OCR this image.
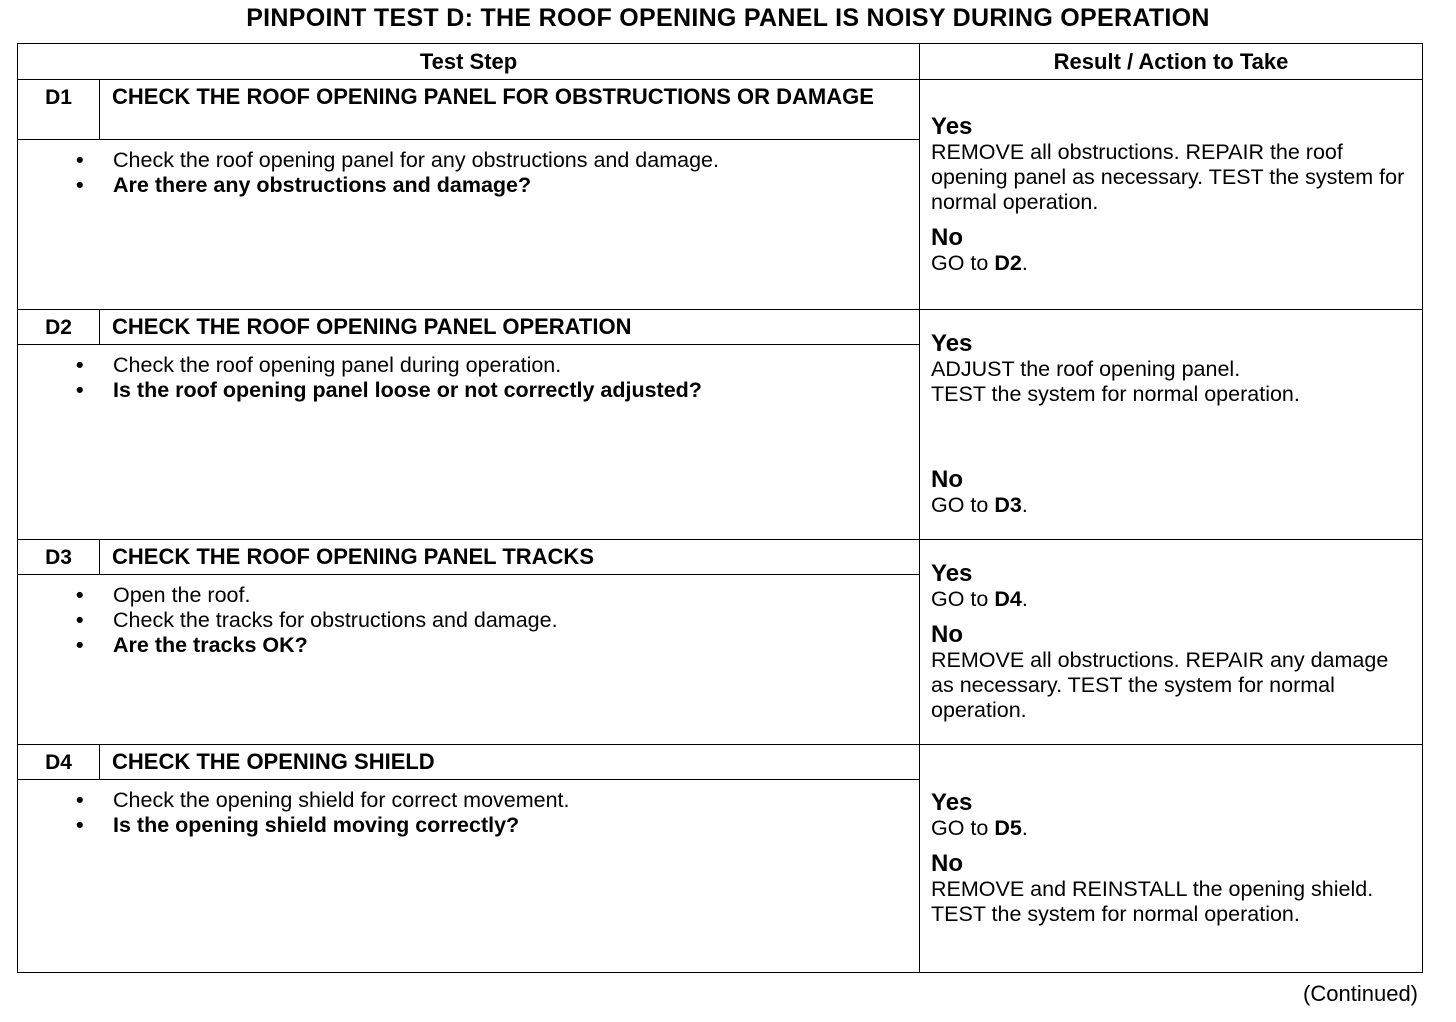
PINPOINT TEST D: THE ROOF OPENING PANEL IS NOISY DURING OPERATION
Test Step		Result / Action to Take
D1	CHECK THE ROOF OPENING PANEL FOR OBSTRUCTIONS OR DAMAGE	Yes
REMOVE all obstructions. REPAIR the roof opening panel as necessary. TEST the system for normal operation.
No
GO to D2.

• Check the roof opening panel for any obstructions and damage.
• Are there any obstructions and damage?

D2	CHECK THE ROOF OPENING PANEL OPERATION	Yes
ADJUST the roof opening panel.
TEST the system for normal operation.
No
GO to D3.

• Check the roof opening panel during operation.
• Is the roof opening panel loose or not correctly adjusted?

D3	CHECK THE ROOF OPENING PANEL TRACKS	Yes
GO to D4.
No
REMOVE all obstructions. REPAIR any damage as necessary. TEST the system for normal operation.

• Open the roof.
• Check the tracks for obstructions and damage.
• Are the tracks OK?

D4	CHECK THE OPENING SHIELD	Yes
GO to D5.
No
REMOVE and REINSTALL the opening shield.
TEST the system for normal operation.

• Check the opening shield for correct movement.
• Is the opening shield moving correctly?
(Continued)
